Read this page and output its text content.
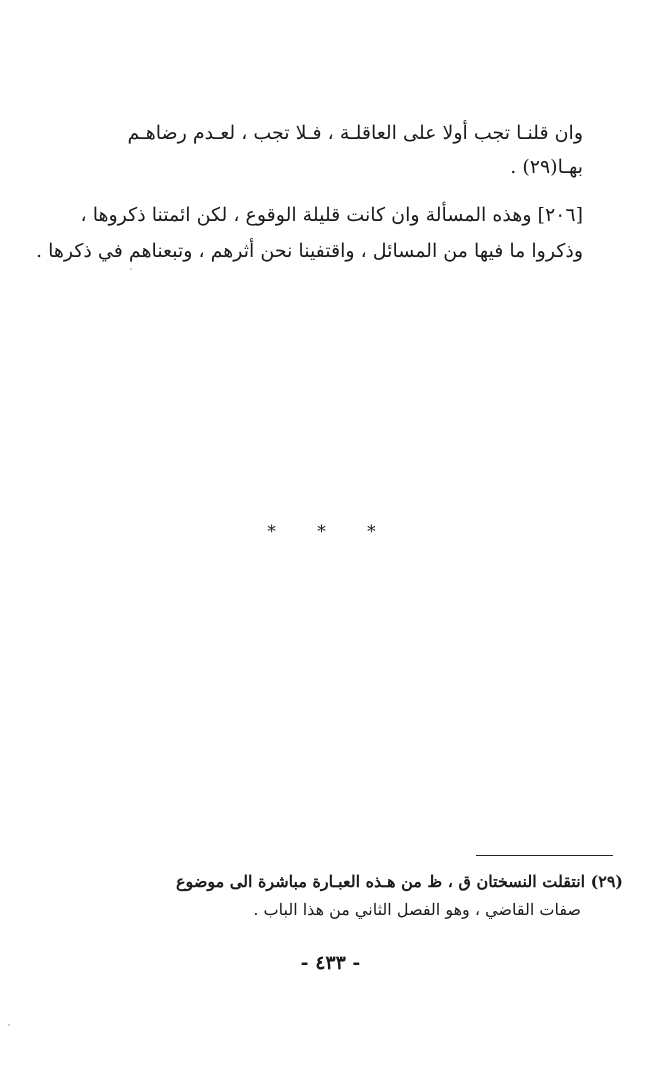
وان قلنـا تجب أولا على العاقلـة ، فـلا تجب ، لعـدم رضاهـم
بهـا(٢٩) .
[٢٠٦] وهذه المسألة وان كانت قليلة الوقوع ، لكن ائمتنا ذكروها ،
وذكروا ما فيها من المسائل ، واقتفينا نحن أثرهم ، وتبعناهم في ذكرها .
* * *
(٢٩) انتقلت النسختان ق ، ظ من هـذه العبـارة مباشرة الى موضوع
صفات القاضي ، وهو الفصل الثاني من هذا الباب .
- ٤٣٣ -
